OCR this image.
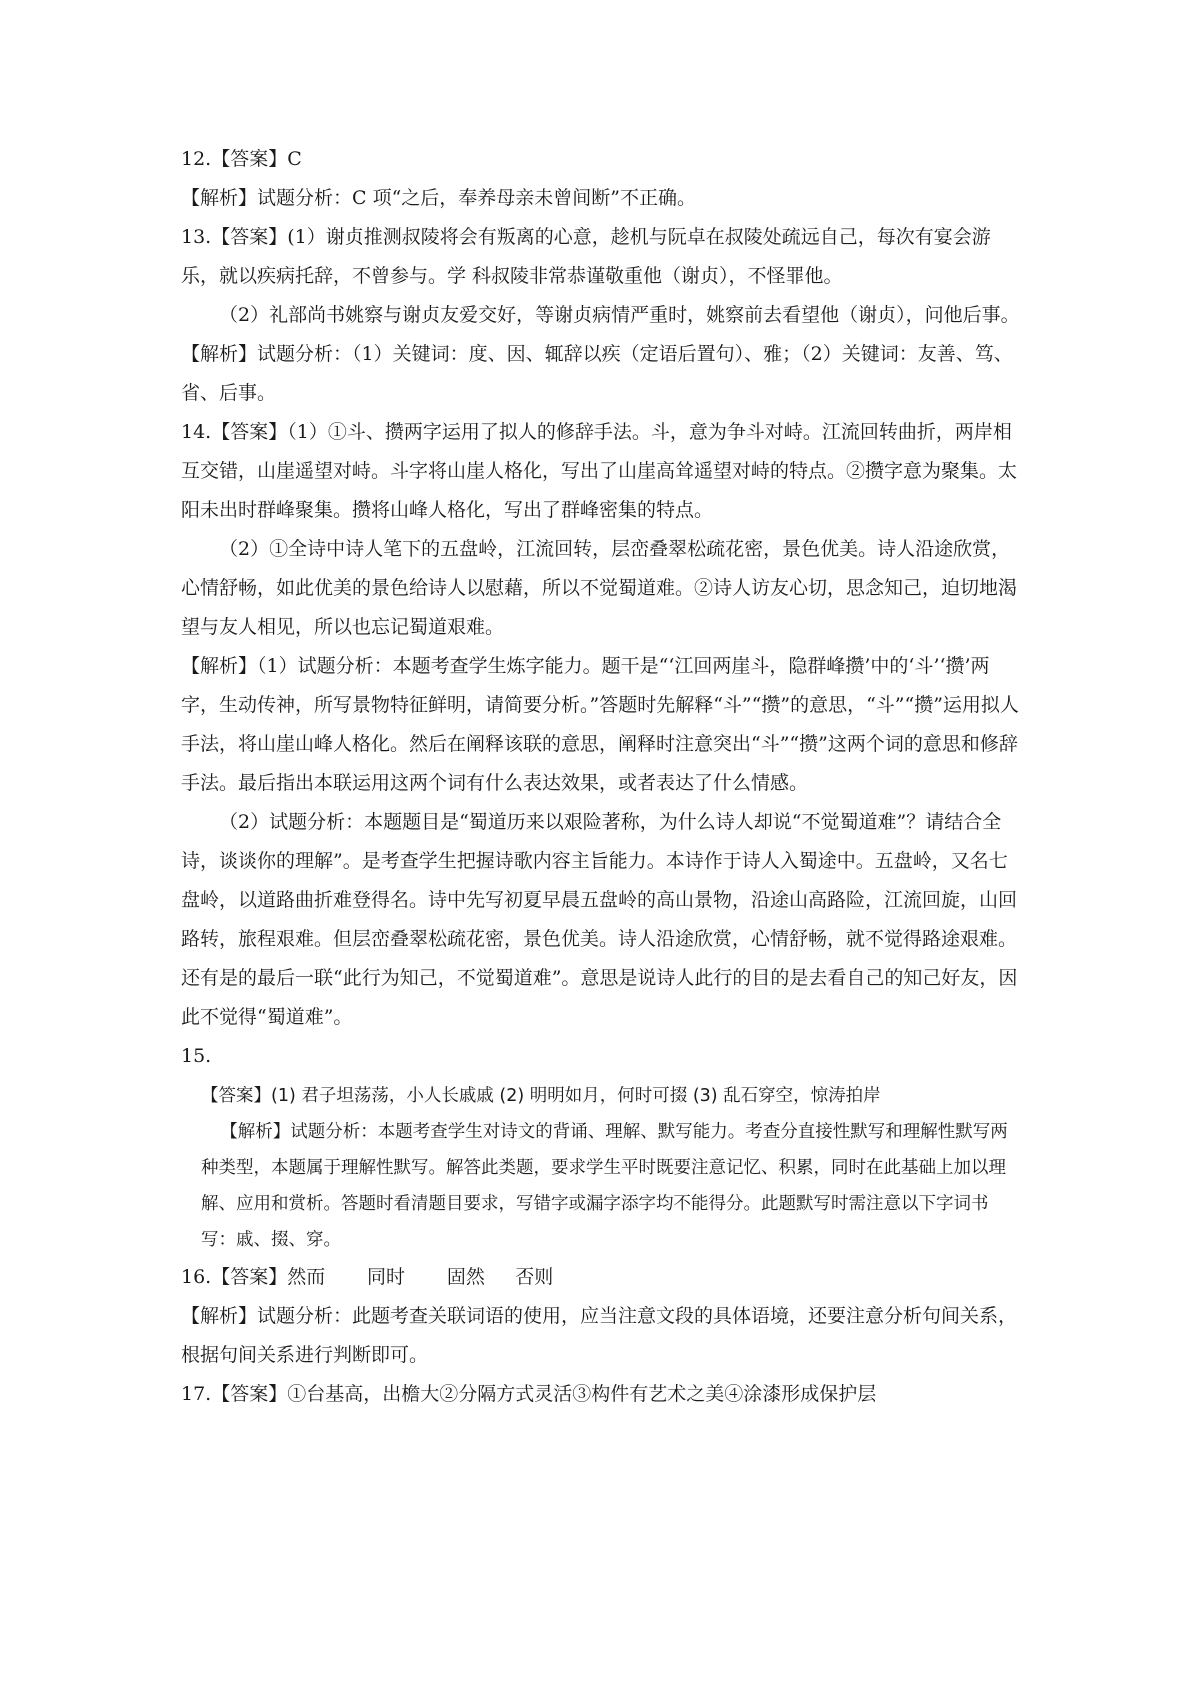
12.【答案】C

【解析】试题分析：C 项“之后，奉养母亲未曾间断”不正确。

13.【答案】(1）谢贞推测叔陵将会有叛离的心意，趁机与阮卓在叔陵处疏远自己，每次有宴会游乐，就以疾病托辞，不曾参与。学 科叔陵非常恭谨敬重他（谢贞），不怪罪他。

（2）礼部尚书姚察与谢贞友爱交好，等谢贞病情严重时，姚察前去看望他（谢贞），问他后事。

【解析】试题分析：（1）关键词：度、因、辄辞以疾（定语后置句）、雅；（2）关键词：友善、笃、省、后事。

14.【答案】（1）①斗、攒两字运用了拟人的修辞手法。斗，意为争斗对峙。江流回转曲折，两岸相互交错，山崖遥望对峙。斗字将山崖人格化，写出了山崖高耸遥望对峙的特点。②攒字意为聚集。太阳未出时群峰聚集。攒将山峰人格化，写出了群峰密集的特点。

（2）①全诗中诗人笔下的五盘岭，江流回转，层峦叠翠松疏花密，景色优美。诗人沿途欣赏，心情舒畅，如此优美的景色给诗人以慰藉，所以不觉蜀道难。②诗人访友心切，思念知己，迫切地渴望与友人相见，所以也忘记蜀道艰难。

【解析】（1）试题分析：本题考查学生炼字能力。题干是“‘江回两崖斗，隐群峰攒’中的‘斗’‘攒’两字，生动传神，所写景物特征鲜明，请简要分析。”答题时先解释“斗”“攒”的意思，“斗”“攒”运用拟人手法，将山崖山峰人格化。然后在阐释该联的意思，阐释时注意突出“斗”“攒”这两个词的意思和修辞手法。最后指出本联运用这两个词有什么表达效果，或者表达了什么情感。

（2）试题分析：本题题目是“蜀道历来以艰险著称，为什么诗人却说“不觉蜀道难”？请结合全诗，谈谈你的理解”。是考查学生把握诗歌内容主旨能力。本诗作于诗人入蜀途中。五盘岭，又名七盘岭，以道路曲折难登得名。诗中先写初夏早晨五盘岭的高山景物，沿途山高路险，江流回旋，山回路转，旅程艰难。但层峦叠翠松疏花密，景色优美。诗人沿途欣赏，心情舒畅，就不觉得路途艰难。还有是的最后一联“此行为知己，不觉蜀道难”。意思是说诗人此行的目的是去看自己的知己好友，因此不觉得“蜀道难”。

15.

【答案】(1) 君子坦荡荡，小人长戚戚 (2) 明明如月，何时可掇 (3) 乱石穿空，惊涛拍岸

【解析】试题分析：本题考查学生对诗文的背诵、理解、默写能力。考查分直接性默写和理解性默写两种类型，本题属于理解性默写。解答此类题，要求学生平时既要注意记忆、积累，同时在此基础上加以理解、应用和赏析。答题时看清题目要求，写错字或漏字添字均不能得分。此题默写时需注意以下字词书写：戚、掇、穿。

16.【答案】然而 同时 固然 否则

【解析】试题分析：此题考查关联词语的使用，应当注意文段的具体语境，还要注意分析句间关系，根据句间关系进行判断即可。

17.【答案】①台基高，出檐大②分隔方式灵活③构件有艺术之美④涂漆形成保护层
